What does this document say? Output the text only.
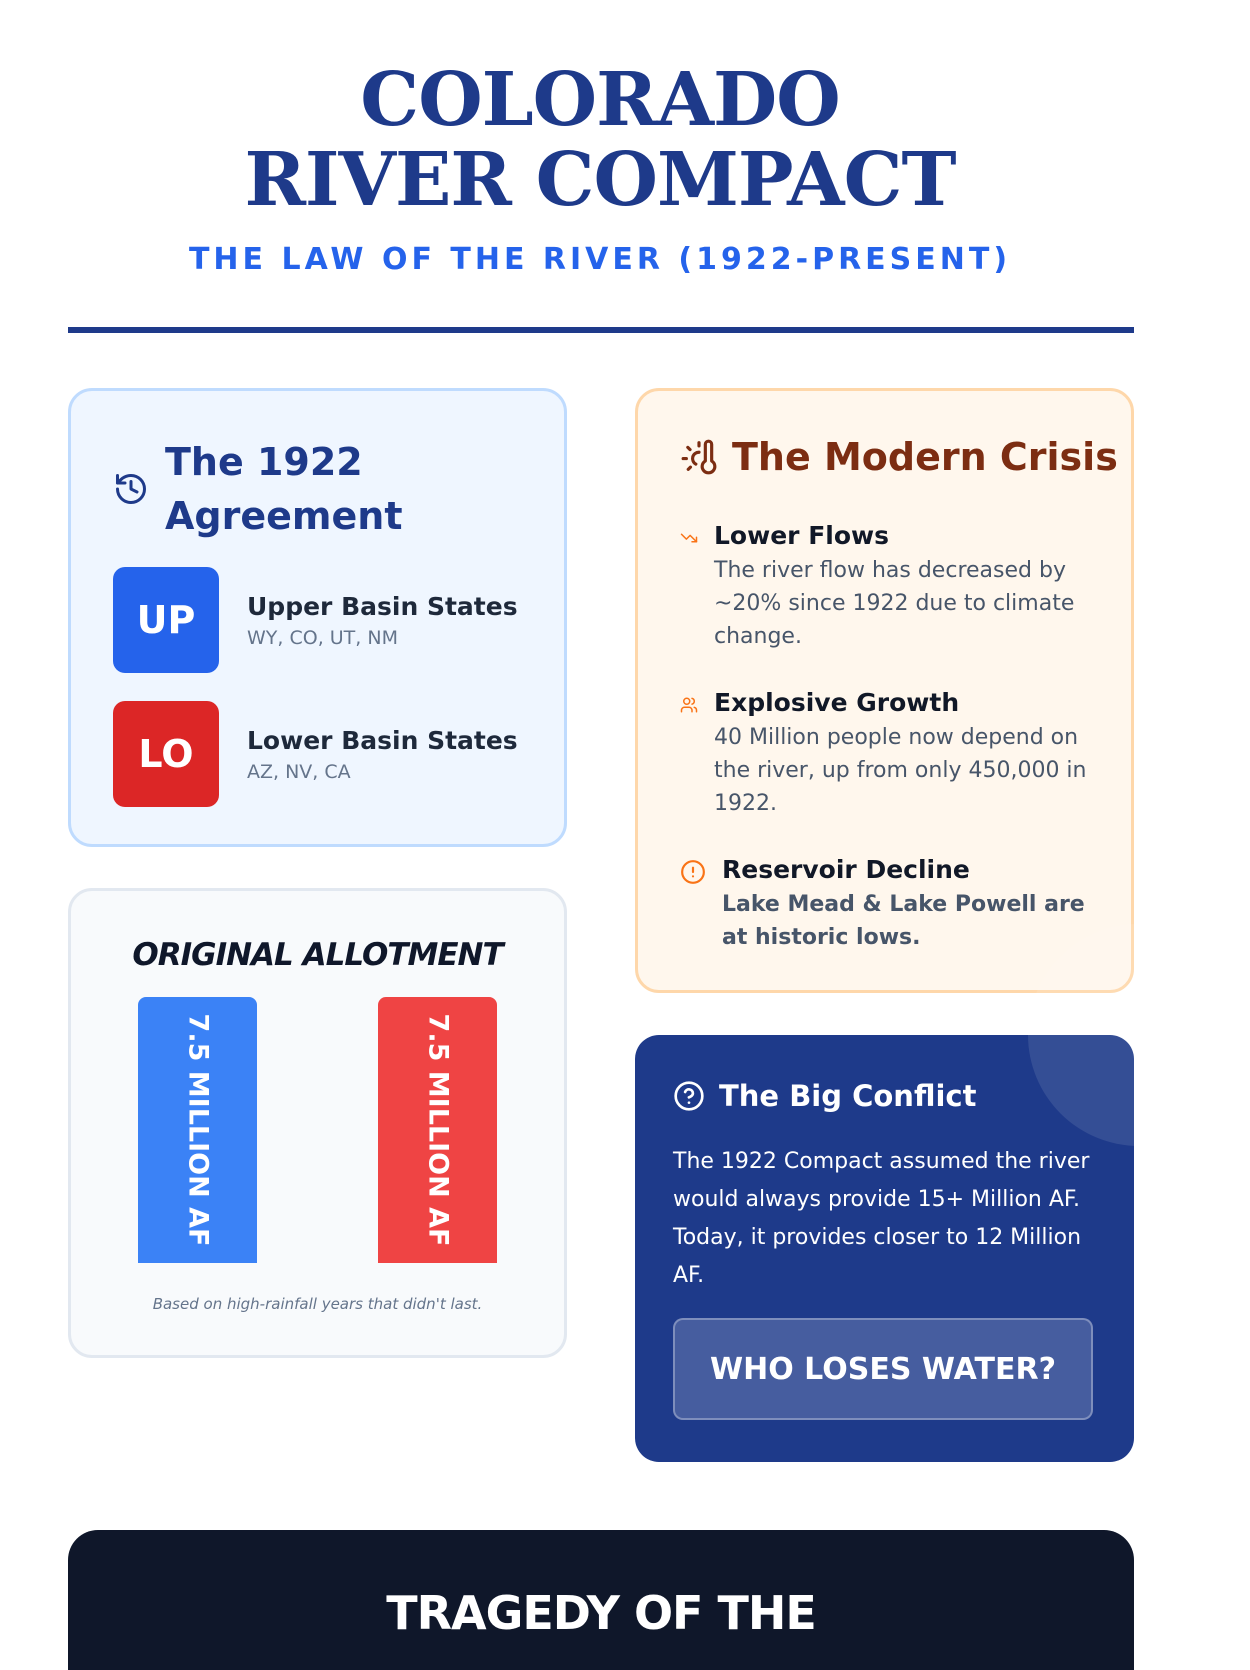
COLORADO RIVER COMPACT
THE LAW OF THE RIVER (1922-PRESENT)
The 1922 Agreement
UP	Upper Basin States
WY, CO, UT, NM
LO	Lower Basin States
AZ, NV, CA
ORIGINAL ALLOTMENT
7.5 MILLION AF	7.5 MILLION AF

Based on high-rainfall years that didn't last.

The Modern Crisis
Lower Flows
The river flow has decreased by ~20% since 1922 due to climate change.
Explosive Growth
40 Million people now depend on the river, up from only 450,000 in 1922.
Reservoir Decline
Lake Mead & Lake Powell are at historic lows.
The Big Conflict

The 1922 Compact assumed the river would always provide 15+ Million AF. Today, it provides closer to 12 Million AF.

WHO LOSES WATER?
TRAGEDY OF THE
